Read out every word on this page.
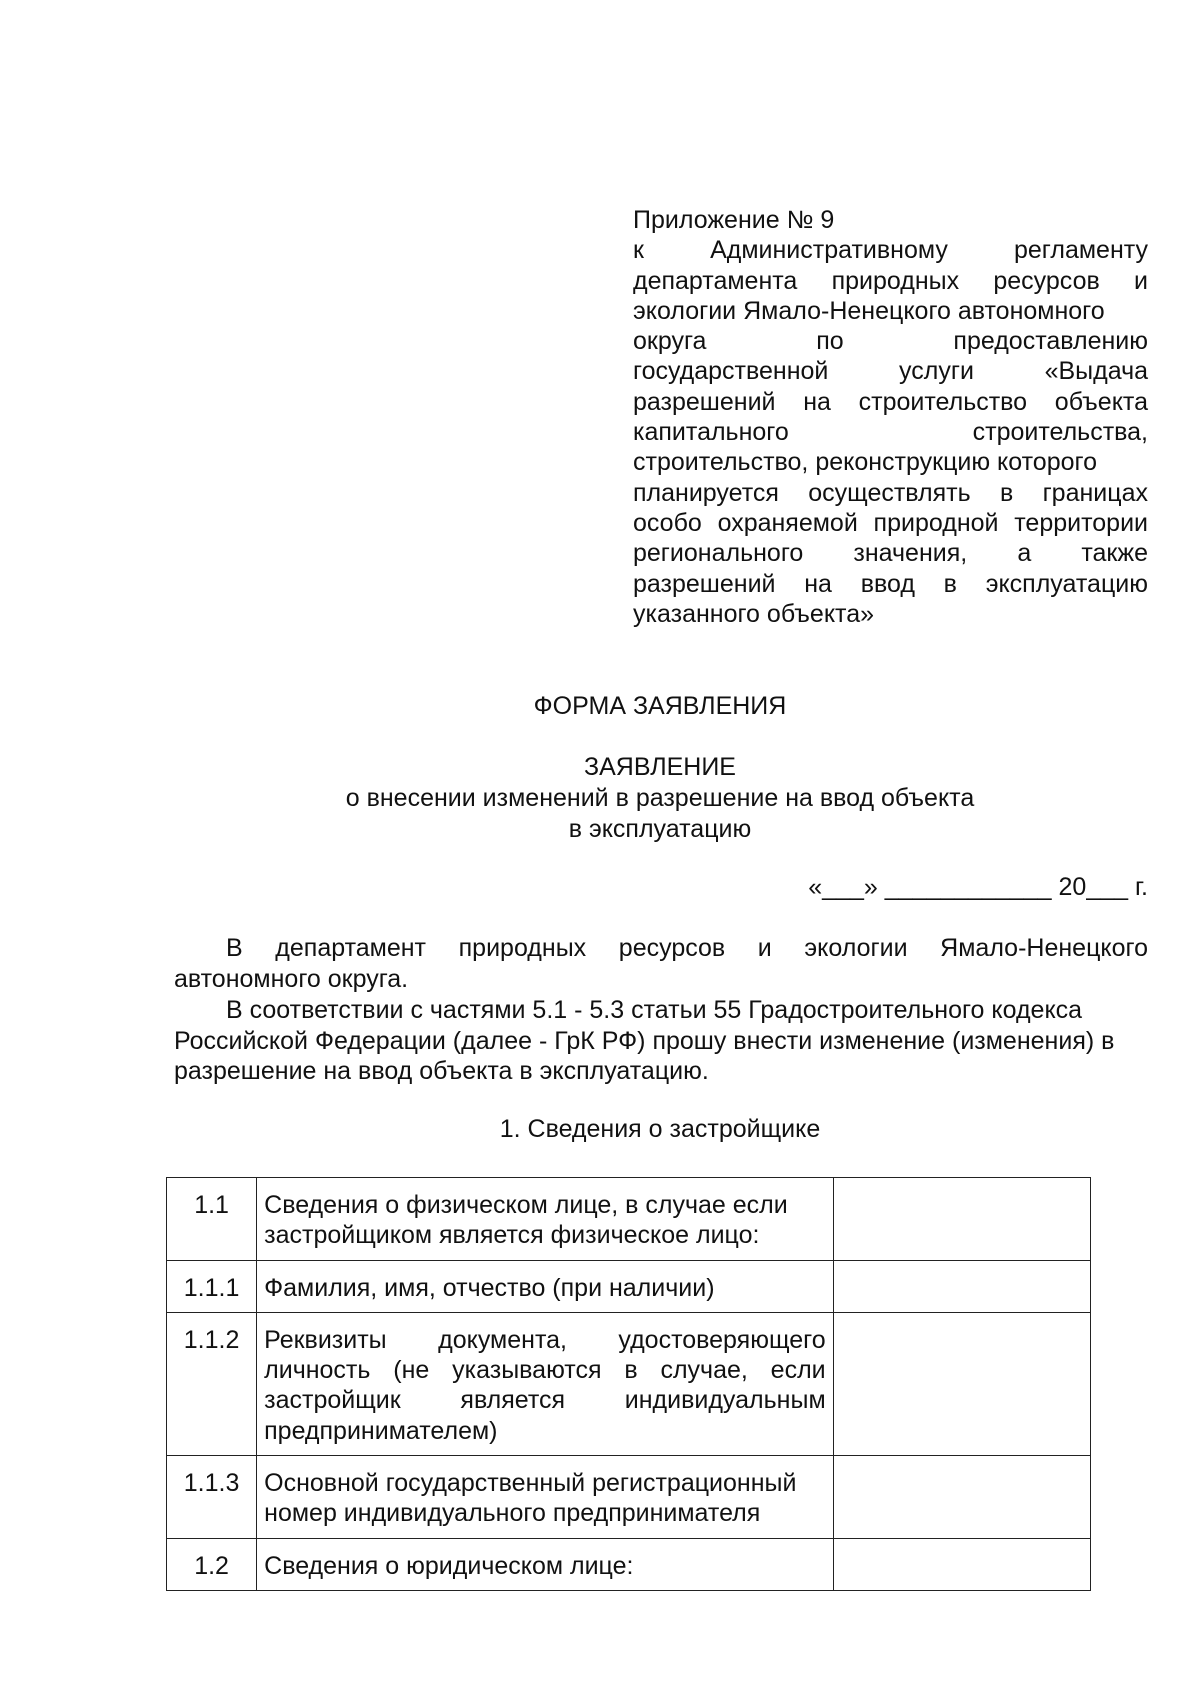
Приложение № 9
к Административному регламенту
департамента природных ресурсов и
экологии Ямало-Ненецкого автономного
округа по предоставлению
государственной услуги «Выдача
разрешений на строительство объекта
капитального строительства,
строительство, реконструкцию которого
планируется осуществлять в границах
особо охраняемой природной территории
регионального значения, а также
разрешений на ввод в эксплуатацию
указанного объекта»
ФОРМА ЗАЯВЛЕНИЯ
ЗАЯВЛЕНИЕ
о внесении изменений в разрешение на ввод объекта
в эксплуатацию
«___» ____________ 20___ г.

В департамент природных ресурсов и экологии Ямало-Ненецкого

автономного округа.

В соответствии с частями 5.1 - 5.3 статьи 55 Градостроительного кодекса Российской Федерации (далее - ГрК РФ) прошу внести изменение (изменения) в разрешение на ввод объекта в эксплуатацию.

1. Сведения о застройщике
1.1	Сведения о физическом лице, в случае если застройщиком является физическое лицо:	
1.1.1	Фамилия, имя, отчество (при наличии)	
1.1.2	Реквизиты документа, удостоверяющего
личность (не указываются в случае, если
застройщик является индивидуальным
предпринимателем)	

1.1.3	Основной государственный регистрационный номер индивидуального предпринимателя	
1.2	Сведения о юридическом лице:	
